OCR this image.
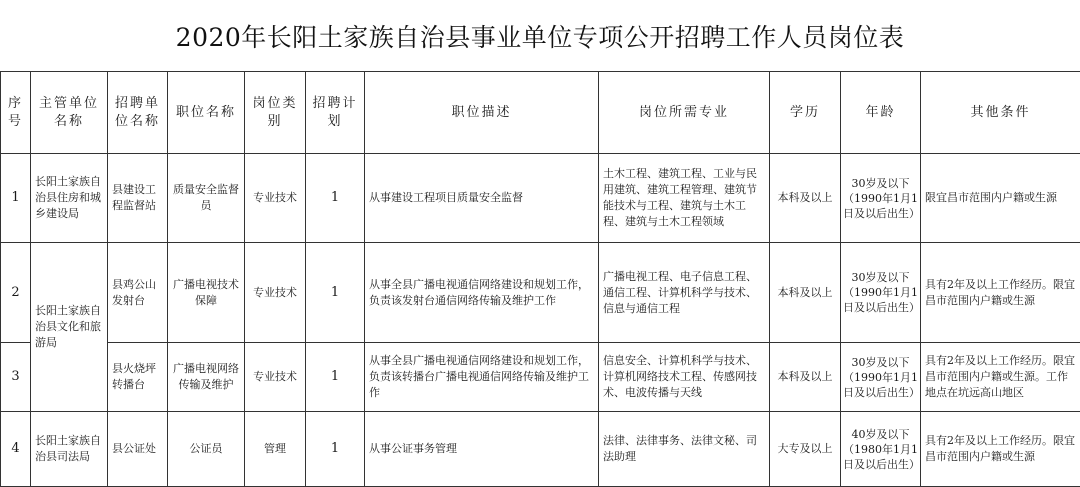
2020年长阳土家族自治县事业单位专项公开招聘工作人员岗位表
序号	主管单位名称	招聘单位名称	职位名称	岗位类别	招聘计划	职位描述	岗位所需专业	学历	年龄	其他条件
1	长阳土家族自治县住房和城乡建设局	县建设工程监督站	质量安全监督员	专业技术	1	从事建设工程项目质量安全监督	土木工程、建筑工程、工业与民用建筑、建筑工程管理、建筑节能技术与工程、建筑与土木工程、建筑与土木工程领域	本科及以上	30岁及以下（1990年1月1日及以后出生）	限宜昌市范围内户籍或生源
2	长阳土家族自治县文化和旅游局	县鸡公山发射台	广播电视技术保障	专业技术	1	从事全县广播电视通信网络建设和规划工作，负责该发射台通信网络传输及维护工作	广播电视工程、电子信息工程、通信工程、计算机科学与技术、信息与通信工程	本科及以上	30岁及以下（1990年1月1日及以后出生）	具有2年及以上工作经历。限宜昌市范围内户籍或生源
3		县火烧坪转播台	广播电视网络传输及维护	专业技术	1	从事全县广播电视通信网络建设和规划工作，负责该转播台广播电视通信网络传输及维护工作	信息安全、计算机科学与技术、计算机网络技术工程、传感网技术、电波传播与天线	本科及以上	30岁及以下（1990年1月1日及以后出生）	具有2年及以上工作经历。限宜昌市范围内户籍或生源。工作地点在坑远高山地区
4	长阳土家族自治县司法局	县公证处	公证员	管理	1	从事公证事务管理	法律、法律事务、法律文秘、司法助理	大专及以上	40岁及以下（1980年1月1日及以后出生）	具有2年及以上工作经历。限宜昌市范围内户籍或生源
